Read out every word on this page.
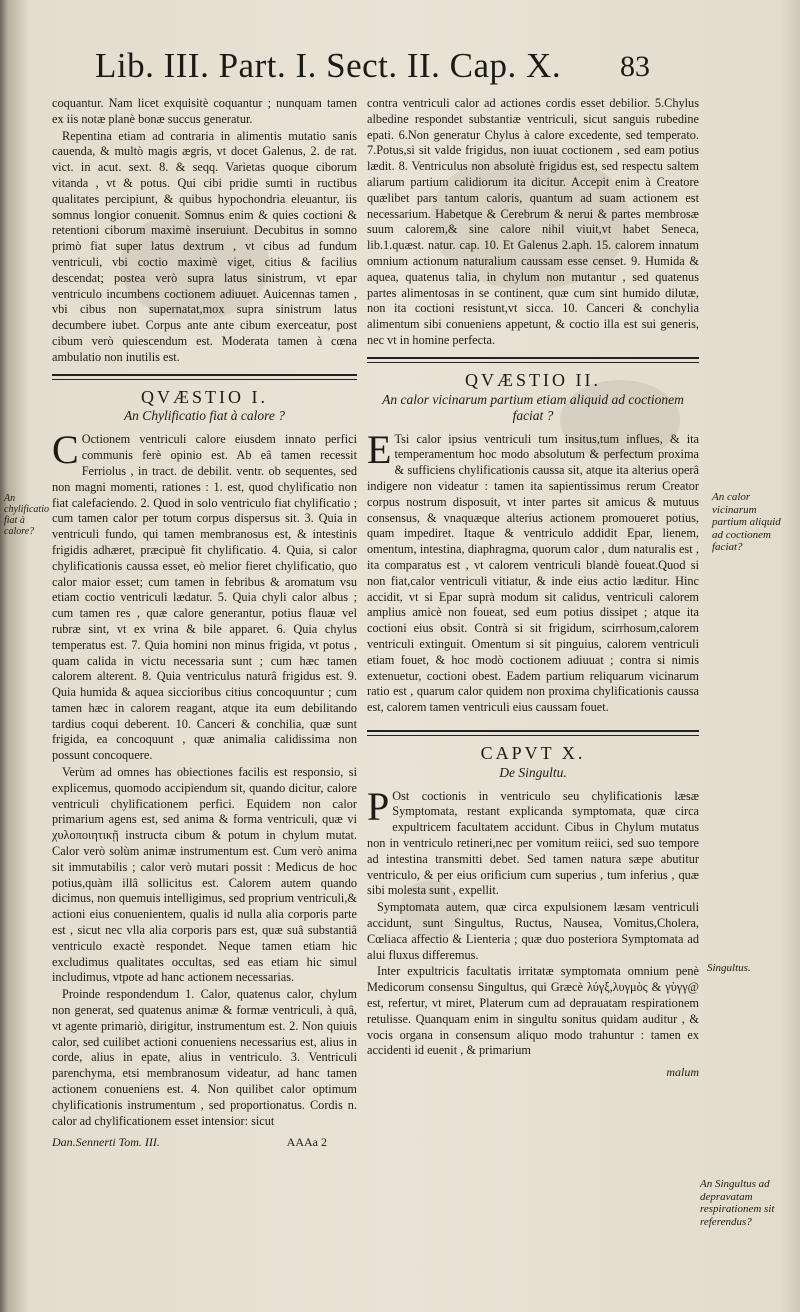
Lib. III. Part. I. Sect. II. Cap. X.	83

coquantur. Nam licet exquisitè coquantur ; nunquam tamen ex iis notæ planè bonæ succus generatur.

Repentina etiam ad contraria in alimentis mutatio sanis cauenda, & multò magis ægris, vt docet Galenus, 2. de rat. vict. in acut. sext. 8. & seqq. Varietas quoque ciborum vitanda , vt & potus. Qui cibi pridie sumti in ructibus qualitates percipiunt, & quibus hypochondria eleuantur, iis somnus longior conuenit. Somnus enim & quies coctioni & retentioni ciborum maximè inseruiunt. Decubitus in somno primò fiat super latus dextrum , vt cibus ad fundum ventriculi, vbi coctio maximè viget, citius & facilius descendat; postea verò supra latus sinistrum, vt epar ventriculo incumbens coctionem adiuuet. Auicennas tamen , vbi cibus non supernatat,mox supra sinistrum latus decumbere iubet. Corpus ante ante cibum exerceatur, post cibum verò quiescendum est. Moderata tamen à cœna ambulatio non inutilis est.

QVÆSTIO I.
An Chylificatio fiat à calore ?

C Octionem ventriculi calore eiusdem innato perfici communis ferè opinio est. Ab eâ tamen recessit Ferriolus , in tract. de debilit. ventr. ob sequentes, sed non magni momenti, rationes : 1. est, quod chylificatio non fiat calefaciendo. 2. Quod in solo ventriculo fiat chylificatio ; cum tamen calor per totum corpus dispersus sit. 3. Quia in ventriculi fundo, qui tamen membranosus est, & intestinis frigidis adhæret, præcipuè fit chylificatio. 4. Quia, si calor chylificationis caussa esset, eò melior fieret chylificatio, quo calor maior esset; cum tamen in febribus & aromatum vsu etiam coctio ventriculi lædatur. 5. Quia chyli calor albus ; cum tamen res , quæ calore generantur, potius flauæ vel rubræ sint, vt ex vrina & bile apparet. 6. Quia chylus temperatus est. 7. Quia homini non minus frigida, vt potus , quam calida in victu necessaria sunt ; cum hæc tamen calorem alterent. 8. Quia ventriculus naturâ frigidus est. 9. Quia humida & aquea siccioribus citius concoquuntur ; cum tamen hæc in calorem reagant, atque ita eum debilitando tardius coqui deberent. 10. Canceri & conchilia, quæ sunt frigida, ea concoquunt , quæ animalia calidissima non possunt concoquere.

Verùm ad omnes has obiectiones facilis est responsio, si explicemus, quomodo accipiendum sit, quando dicitur, calore ventriculi chylificationem perfici. Equidem non calor primarium agens est, sed anima & forma ventriculi, quæ vi χυλοποιητικῇ instructa cibum & potum in chylum mutat. Calor verò solùm animæ instrumentum est. Cum verò anima sit immutabilis ; calor verò mutari possit : Medicus de hoc potius,quàm illâ sollicitus est. Calorem autem quando dicimus, non quemuis intelligimus, sed proprium ventriculi,& actioni eius conuenientem, qualis id nulla alia corporis parte est , sicut nec vlla alia corporis pars est, quæ suâ substantiâ ventriculo exactè respondet. Neque tamen etiam hic excludimus qualitates occultas, sed eas etiam hic simul includimus, vtpote ad hanc actionem necessarias.

Proinde respondendum 1. Calor, quatenus calor, chylum non generat, sed quatenus animæ & formæ ventriculi, à quâ, vt agente primariò, dirigitur, instrumentum est. 2. Non quiuis calor, sed cuilibet actioni conueniens necessarius est, alius in corde, alius in epate, alius in ventriculo. 3. Ventriculi parenchyma, etsi membranosum videatur, ad hanc tamen actionem conueniens est. 4. Non quilibet calor optimum chylificationis instrumentum , sed proportionatus. Cordis n. calor ad chylificationem esset intensior: sicut

Dan.Sennerti Tom. III.	AAAa 2

contra ventriculi calor ad actiones cordis esset debilior. 5.Chylus albedine respondet substantiæ ventriculi, sicut sanguis rubedine epati. 6.Non generatur Chylus à calore excedente, sed temperato. 7.Potus,si sit valde frigidus, non iuuat coctionem , sed eam potius lædit. 8. Ventriculus non absolutè frigidus est, sed respectu saltem aliarum partium calidiorum ita dicitur. Accepit enim à Creatore quælibet pars tantum caloris, quantum ad suam actionem est necessarium. Habetque & Cerebrum & nerui & partes membrosæ suum calorem,& sine calore nihil viuit,vt habet Seneca, lib.1.quæst. natur. cap. 10. Et Galenus 2.aph. 15. calorem innatum omnium actionum naturalium caussam esse censet. 9. Humida & aquea, quatenus talia, in chylum non mutantur , sed quatenus partes alimentosas in se continent, quæ cum sint humido dilutæ, non ita coctioni resistunt,vt sicca. 10. Canceri & conchylia alimentum sibi conueniens appetunt, & coctio illa est sui generis, nec vt in homine perfecta.

QVÆSTIO II.
An calor vicinarum partium etiam aliquid ad coctionem faciat ?

E Tsi calor ipsius ventriculi tum insitus,tum influes, & ita temperamentum hoc modo absolutum & perfectum proxima & sufficiens chylificationis caussa sit, atque ita alterius operâ indigere non videatur : tamen ita sapientissimus rerum Creator corpus nostrum disposuit, vt inter partes sit amicus & mutuus consensus, & vnaquæque alterius actionem promoueret potius, quam impediret. Itaque & ventriculo addidit Epar, lienem, omentum, intestina, diaphragma, quorum calor , dum naturalis est , ita comparatus est , vt calorem ventriculi blandè foueat.Quod si non fiat,calor ventriculi vitiatur, & inde eius actio læditur. Hinc accidit, vt si Epar suprà modum sit calidus, ventriculi calorem amplius amicè non foueat, sed eum potius dissipet ; atque ita coctioni eius obsit. Contrà si sit frigidum, scirrhosum,calorem ventriculi extinguit. Omentum si sit pinguius, calorem ventriculi etiam fouet, & hoc modò coctionem adiuuat ; contra si nimis extenuetur, coctioni obest. Eadem partium reliquarum vicinarum ratio est , quarum calor quidem non proxima chylificationis caussa est, calorem tamen ventriculi eius caussam fouet.

CAPVT X.
De Singultu.

P Ost coctionis in ventriculo seu chylificationis læsæ Symptomata, restant explicanda symptomata, quæ circa expultricem facultatem accidunt. Cibus in Chylum mutatus non in ventriculo retineri,nec per vomitum reiici, sed suo tempore ad intestina transmitti debet. Sed tamen natura sæpe abutitur ventriculo, & per eius orificium cum superius , tum inferius , quæ sibi molesta sunt , expellit.

Symptomata autem, quæ circa expulsionem læsam ventriculi accidunt, sunt Singultus, Ructus, Nausea, Vomitus,Cholera, Cœliaca affectio & Lienteria ; quæ duo posteriora Symptomata ad alui fluxus differemus.

Inter expultricis facultatis irritatæ symptomata omnium penè Medicorum consensu Singultus, qui Græcè λύγξ,λυγμὸς & γὺγγ@ est, refertur, vt miret, Platerum cum ad deprauatam respirationem retulisse. Quanquam enim in singultu sonitus quidam auditur , & vocis organa in consensum aliquo modo trahuntur : tamen ex accidenti id euenit , & primarium

malum
An chylificatio fiat à calore?
An calor vicinarum partium aliquid ad coctionem faciat?
Singultus.
An Singultus ad depravatam respirationem sit referendus?
